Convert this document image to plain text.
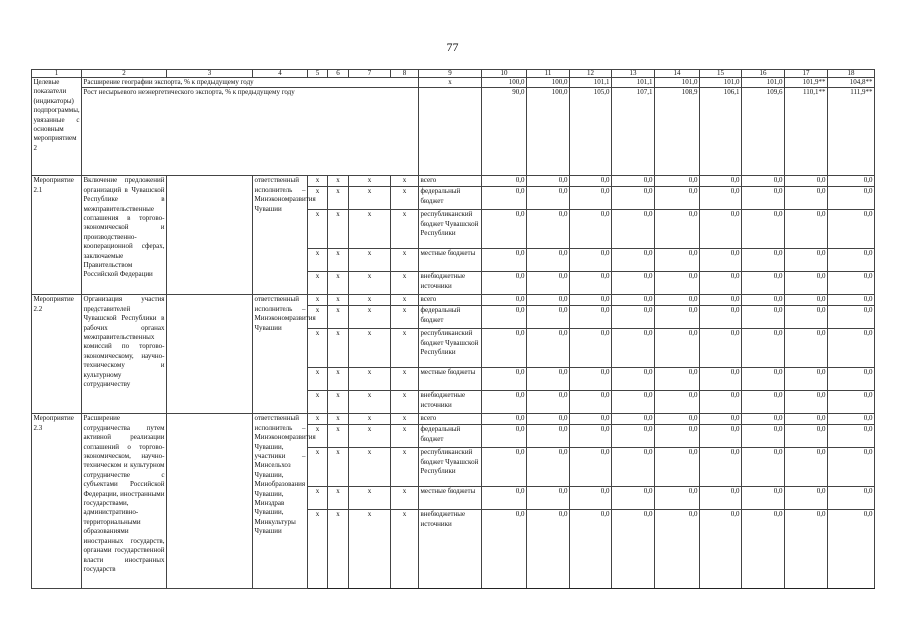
77
1	2	3	4	5	6	7	8	9	10	11	12	13	14	15	16	17	18
Целевые показатели (индикаторы) подпрограммы, увязанные с основным мероприятием 2	Расширение географии экспорта, % к предыдущему году							х	100,0	100,0	101,1	101,1	101,0	101,0	101,0	101,9**	104,8**
	Рост несырьевого неэнергетического экспорта, % к предыдущему году								90,0	100,0	105,0	107,1	108,9	106,1	109,6	110,1**	111,9**
Мероприятие 2.1	Включение предложений организаций в Чувашской Республике в межправительственные соглашения в торгово-экономической и производственно-кооперационной сферах, заключаемые Правительством Российской Федерации		ответственный исполнитель – Минэкономразвития Чувашии	х	х	х	х	всего	0,0	0,0	0,0	0,0	0,0	0,0	0,0	0,0	0,0
				х	х	х	х	федеральный бюджет	0,0	0,0	0,0	0,0	0,0	0,0	0,0	0,0	0,0
				х	х	х	х	республиканский бюджет Чувашской Республики	0,0	0,0	0,0	0,0	0,0	0,0	0,0	0,0	0,0
				х	х	х	х	местные бюджеты	0,0	0,0	0,0	0,0	0,0	0,0	0,0	0,0	0,0
				х	х	х	х	внебюджетные источники	0,0	0,0	0,0	0,0	0,0	0,0	0,0	0,0	0,0
Мероприятие 2.2	Организация участия представителей Чувашской Республики в рабочих органах межправительственных комиссий по торгово-экономическому, научно-техническому и культурному сотрудничеству		ответственный исполнитель – Минэкономразвития Чувашии	х	х	х	х	всего	0,0	0,0	0,0	0,0	0,0	0,0	0,0	0,0	0,0
				х	х	х	х	федеральный бюджет	0,0	0,0	0,0	0,0	0,0	0,0	0,0	0,0	0,0
				х	х	х	х	республиканский бюджет Чувашской Республики	0,0	0,0	0,0	0,0	0,0	0,0	0,0	0,0	0,0
				х	х	х	х	местные бюджеты	0,0	0,0	0,0	0,0	0,0	0,0	0,0	0,0	0,0
				х	х	х	х	внебюджетные источники	0,0	0,0	0,0	0,0	0,0	0,0	0,0	0,0	0,0
Мероприятие 2.3	Расширение сотрудничества путем активной реализации соглашений о торгово-экономическом, научно-техническом и культурном сотрудничестве с субъектами Российской Федерации, иностранными государствами, административно-территориальными образованиями иностранных государств, органами государственной власти иностранных государств		ответственный исполнитель – Минэкономразвития Чувашии, участники – Минсельхоз Чувашии, Минобразования Чувашии, Минздрав Чувашии, Минкультуры Чувашии	х	х	х	х	всего	0,0	0,0	0,0	0,0	0,0	0,0	0,0	0,0	0,0
				х	х	х	х	федеральный бюджет	0,0	0,0	0,0	0,0	0,0	0,0	0,0	0,0	0,0
				х	х	х	х	республиканский бюджет Чувашской Республики	0,0	0,0	0,0	0,0	0,0	0,0	0,0	0,0	0,0
				х	х	х	х	местные бюджеты	0,0	0,0	0,0	0,0	0,0	0,0	0,0	0,0	0,0
				х	х	х	х	внебюджетные источники	0,0	0,0	0,0	0,0	0,0	0,0	0,0	0,0	0,0
